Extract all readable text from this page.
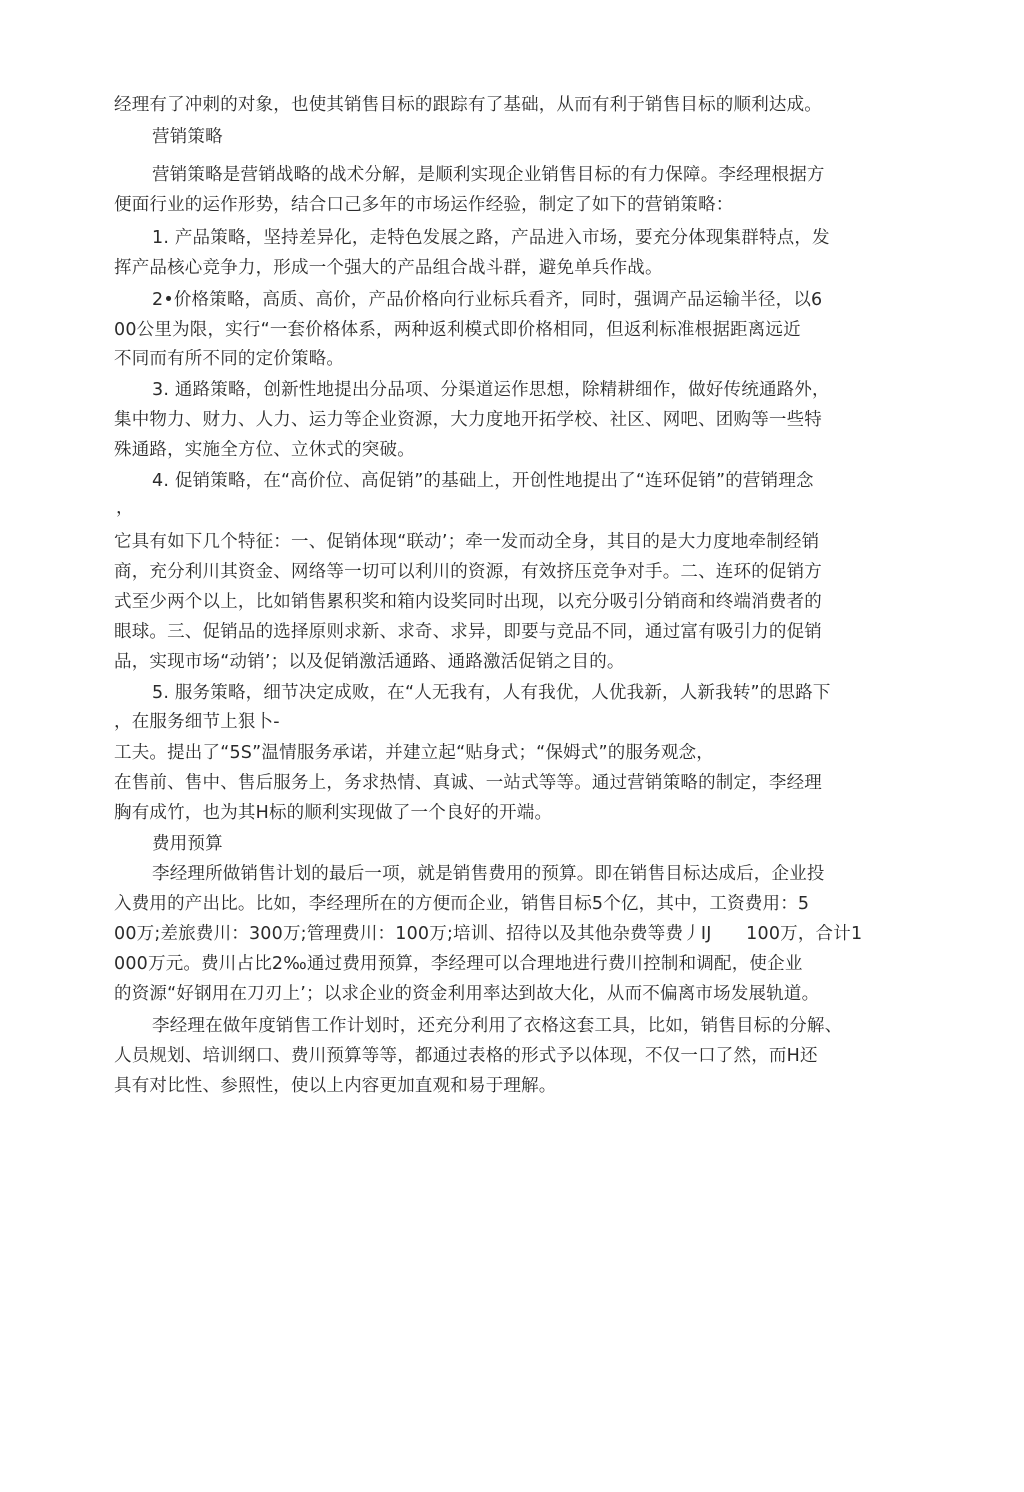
经理有了冲刺的对象，也使其销售目标的跟踪有了基础，从而有利于销售目标的顺利达成。
营销策略
营销策略是营销战略的战术分解，是顺利实现企业销售目标的有力保障。李经理根据方
便面行业的运作形势，结合口己多年的市场运作经验，制定了如下的营销策略：
1. 产品策略，坚持差异化，走特色发展之路，产品进入市场，要充分体现集群特点，发
挥产品核心竞争力，形成一个强大的产品组合战斗群，避免单兵作战。
2•价格策略，高质、高价，产品价格向行业标兵看齐，同时，强调产品运输半径，以6
00公里为限，实行“一套价格体系，两种返利模式即价格相同，但返利标准根据距离远近
不同而有所不同的定价策略。
3. 通路策略，创新性地提出分品项、分渠道运作思想，除精耕细作，做好传统通路外，
集中物力、财力、人力、运力等企业资源，大力度地开拓学校、社区、网吧、团购等一些特
殊通路，实施全方位、立休式的突破。
4. 促销策略，在“高价位、高促销”的基础上，开创性地提出了“连环促销”的营销理念
，
它具有如下几个特征：一、促销体现“联动’；牵一发而动全身，其目的是大力度地牵制经销
商，充分利川其资金、网络等一切可以利川的资源，有效挤压竞争对手。二、连环的促销方
式至少两个以上，比如销售累积奖和箱内设奖同时出现，以充分吸引分销商和终端消费者的
眼球。三、促销品的选择原则求新、求奇、求异，即要与竞品不同，通过富有吸引力的促销
品，实现市场“动销’；以及促销激活通路、通路激活促销之目的。
5. 服务策略，细节决定成败，在“人无我有，人有我优，人优我新，人新我转”的思路下
，在服务细节上狠卜-
工夫。提出了“5S”温情服务承诺，并建立起“贴身式；“保姆式”的服务观念，
在售前、售中、售后服务上，务求热情、真诚、一站式等等。通过营销策略的制定，李经理
胸有成竹，也为其H标的顺利实现做了一个良好的开端。
费用预算
李经理所做销售计划的最后一项，就是销售费用的预算。即在销售目标达成后，企业投
入费用的产出比。比如，李经理所在的方便而企业，销售目标5个亿，其中，工资费用：5
00万;差旅费川：300万;管理费川：100万;培训、招待以及其他杂费等费丿IJ      100万，合计1
000万元。费川占比2‰通过费用预算，李经理可以合理地进行费川控制和调配，使企业
的资源“好钢用在刀刃上’；以求企业的资金利用率达到故大化，从而不偏离市场发展轨道。
李经理在做年度销售工作计划时，还充分利用了衣格这套工具，比如，销售目标的分解、
人员规划、培训纲口、费川预算等等，都通过表格的形式予以体现，不仅一口了然，而H还
具有对比性、参照性，使以上内容更加直观和易于理解。
